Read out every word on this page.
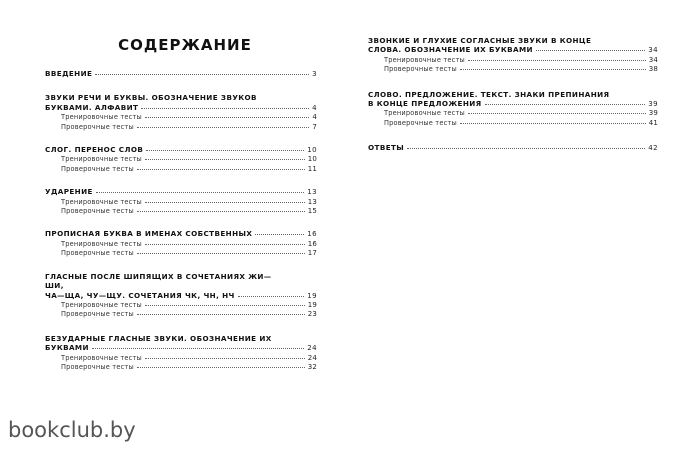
СОДЕРЖАНИЕ
ВВЕДЕНИЕ	3
ЗВУКИ РЕЧИ И БУКВЫ. ОБОЗНАЧЕНИЕ ЗВУКОВ
БУКВАМИ. АЛФАВИТ	4
Тренировочные тесты	4
Проверочные тесты	7
СЛОГ. ПЕРЕНОС СЛОВ	10
Тренировочные тесты	10
Проверочные тесты	11
УДАРЕНИЕ	13
Тренировочные тесты	13
Проверочные тесты	15
ПРОПИСНАЯ БУКВА В ИМЕНАХ СОБСТВЕННЫХ	16
Тренировочные тесты	16
Проверочные тесты	17
ГЛАСНЫЕ ПОСЛЕ ШИПЯЩИХ В СОЧЕТАНИЯХ ЖИ—ШИ,
ЧА—ЩА, ЧУ—ЩУ. СОЧЕТАНИЯ ЧК, ЧН, НЧ	19
Тренировочные тесты	19
Проверочные тесты	23
БЕЗУДАРНЫЕ ГЛАСНЫЕ ЗВУКИ. ОБОЗНАЧЕНИЕ ИХ
БУКВАМИ	24
Тренировочные тесты	24
Проверочные тесты	32
ЗВОНКИЕ И ГЛУХИЕ СОГЛАСНЫЕ ЗВУКИ В КОНЦЕ
СЛОВА. ОБОЗНАЧЕНИЕ ИХ БУКВАМИ	34
Тренировочные тесты	34
Проверочные тесты	38
СЛОВО. ПРЕДЛОЖЕНИЕ. ТЕКСТ. ЗНАКИ ПРЕПИНАНИЯ
В КОНЦЕ ПРЕДЛОЖЕНИЯ	39
Тренировочные тесты	39
Проверочные тесты	41
ОТВЕТЫ	42
bookclub.by
